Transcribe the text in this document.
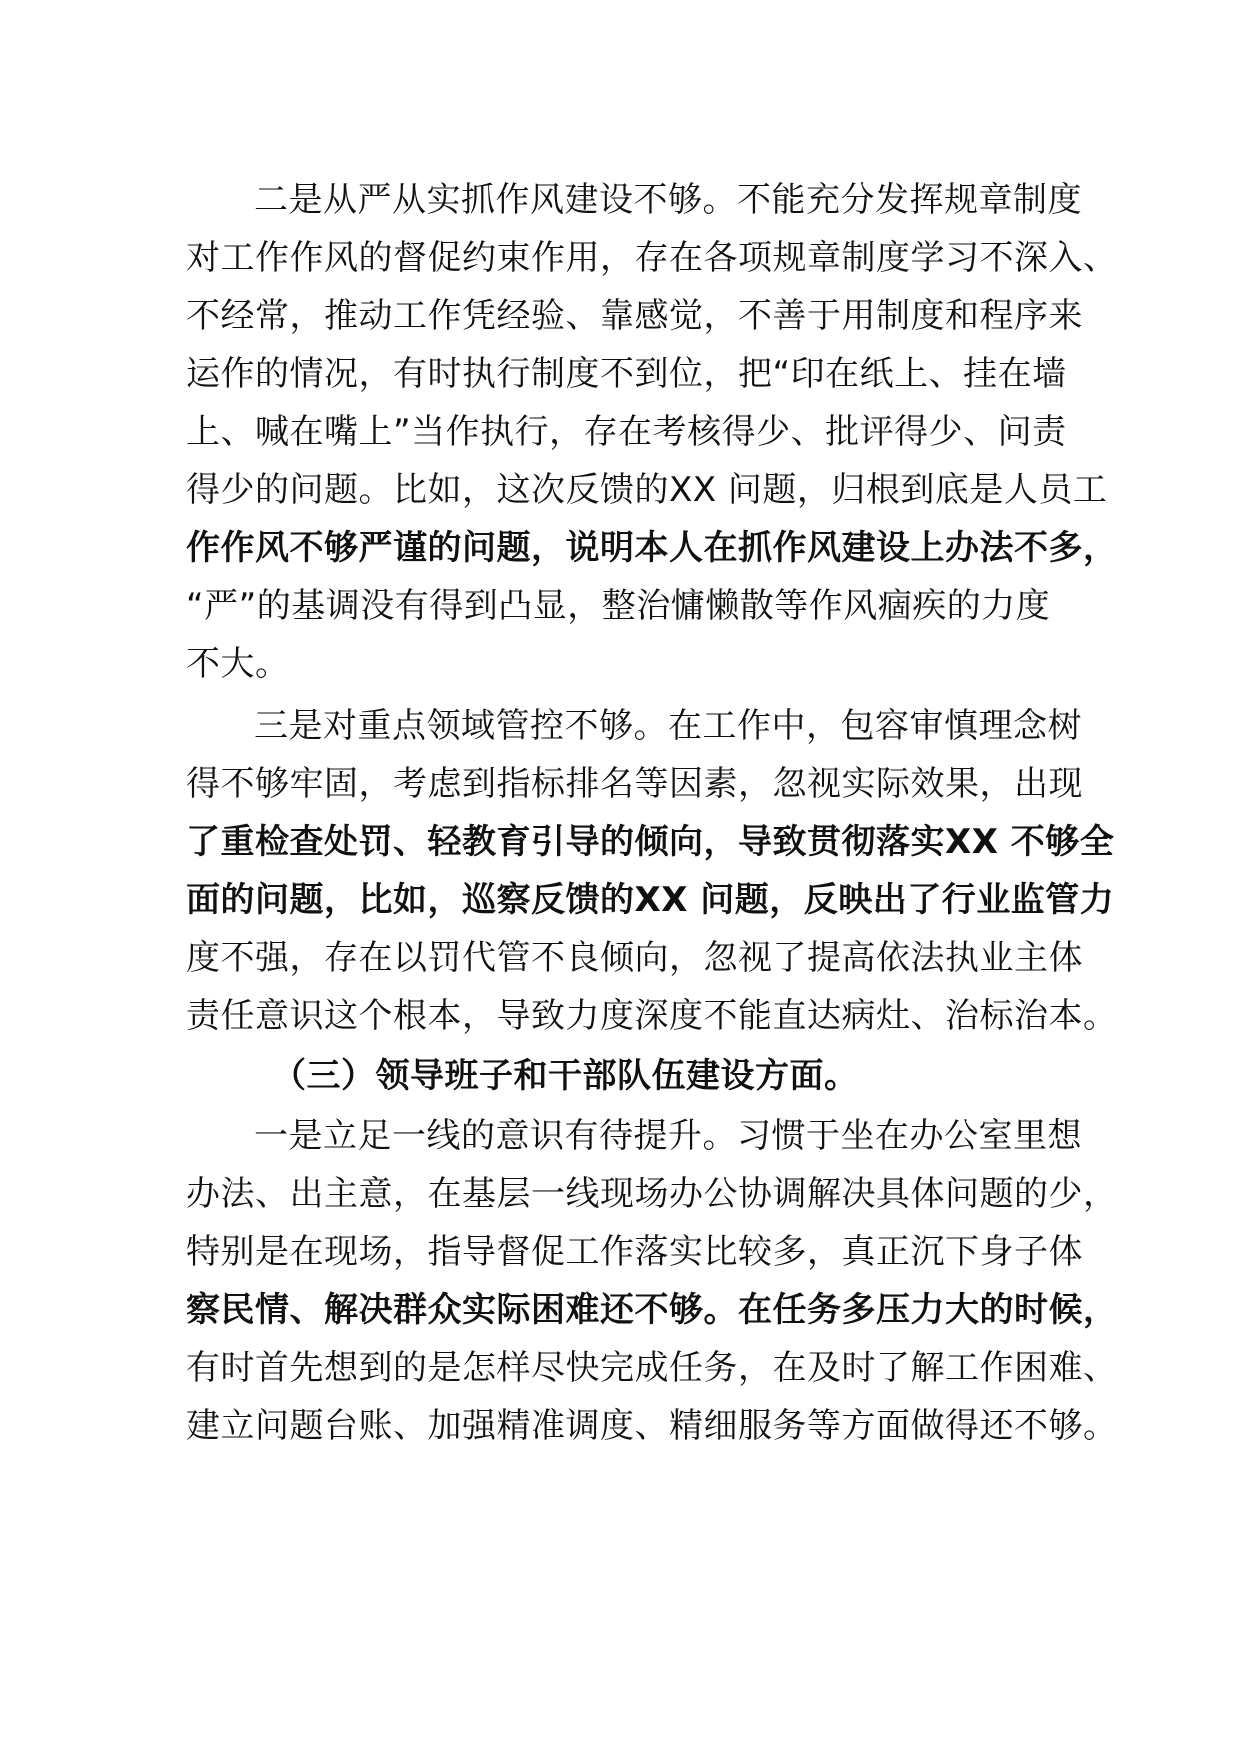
二是从严从实抓作风建设不够。不能充分发挥规章制度
对工作作风的督促约束作用，存在各项规章制度学习不深入、
不经常，推动工作凭经验、靠感觉，不善于用制度和程序来
运作的情况，有时执行制度不到位，把“印在纸上、挂在墙
上、喊在嘴上”当作执行，存在考核得少、批评得少、问责
得少的问题。比如，这次反馈的XX 问题，归根到底是人员工
作作风不够严谨的问题，说明本人在抓作风建设上办法不多，
“严”的基调没有得到凸显，整治慵懒散等作风痼疾的力度
不大。
三是对重点领域管控不够。在工作中，包容审慎理念树
得不够牢固，考虑到指标排名等因素，忽视实际效果，出现
了重检查处罚、轻教育引导的倾向，导致贯彻落实XX 不够全
面的问题，比如，巡察反馈的XX 问题，反映出了行业监管力
度不强，存在以罚代管不良倾向，忽视了提高依法执业主体
责任意识这个根本，导致力度深度不能直达病灶、治标治本。
（三）领导班子和干部队伍建设方面。
一是立足一线的意识有待提升。习惯于坐在办公室里想
办法、出主意，在基层一线现场办公协调解决具体问题的少，
特别是在现场，指导督促工作落实比较多，真正沉下身子体
察民情、解决群众实际困难还不够。在任务多压力大的时候，
有时首先想到的是怎样尽快完成任务，在及时了解工作困难、
建立问题台账、加强精准调度、精细服务等方面做得还不够。
